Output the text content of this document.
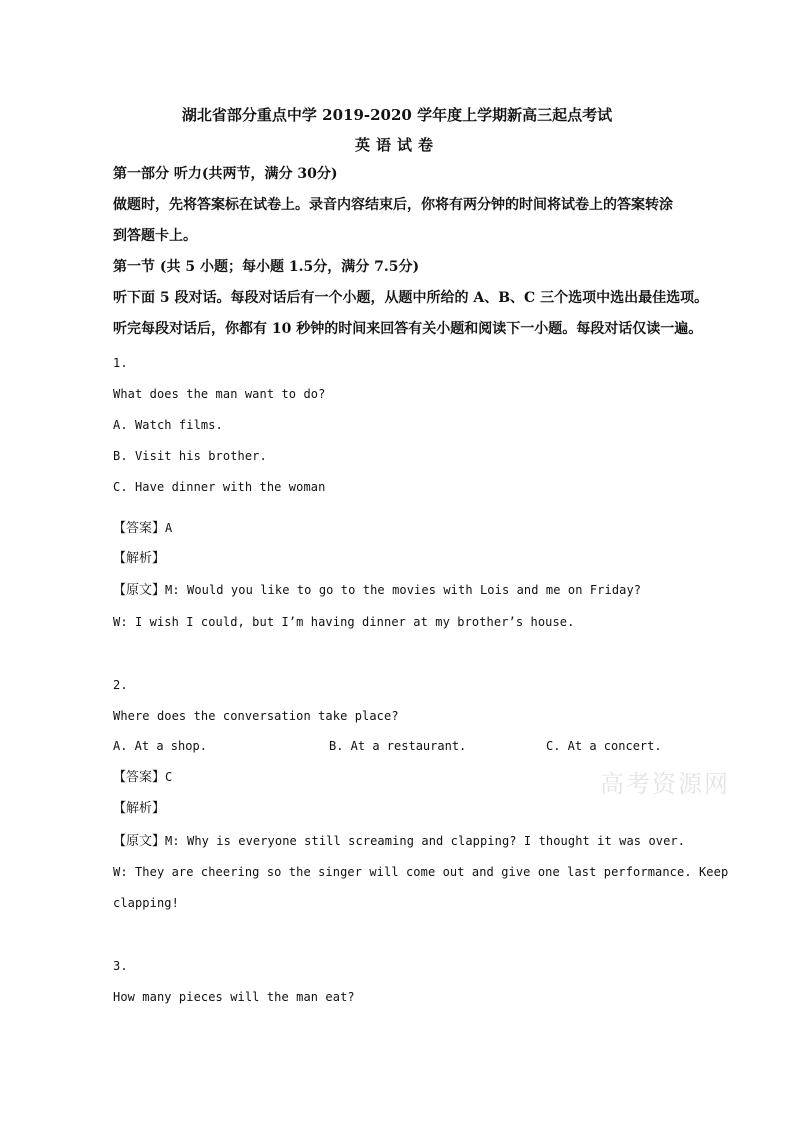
湖北省部分重点中学 2019-2020 学年度上学期新高三起点考试
英语试卷
第一部分 听力(共两节，满分 30分)
做题时，先将答案标在试卷上。录音内容结束后，你将有两分钟的时间将试卷上的答案转涂
到答题卡上。
第一节 (共 5 小题；每小题 1.5分，满分 7.5分)
听下面 5 段对话。每段对话后有一个小题，从题中所给的 A、B、C 三个选项中选出最佳选项。
听完每段对话后，你都有 10 秒钟的时间来回答有关小题和阅读下一小题。每段对话仅读一遍。
1.
What does the man want to do?
A. Watch films.
B. Visit his brother.
C. Have dinner with the woman
【答案】A
【解析】
【原文】M: Would you like to go to the movies with Lois and me on Friday?
W: I wish I could, but I’m having dinner at my brother’s house.
2.
Where does the conversation take place?
A. At a shop.	B. At a restaurant.	C. At a concert.
【答案】C
【解析】
【原文】M: Why is everyone still screaming and clapping? I thought it was over.
W: They are cheering so the singer will come out and give one last performance. Keep
clapping!
3.
How many pieces will the man eat?
高考资源网
